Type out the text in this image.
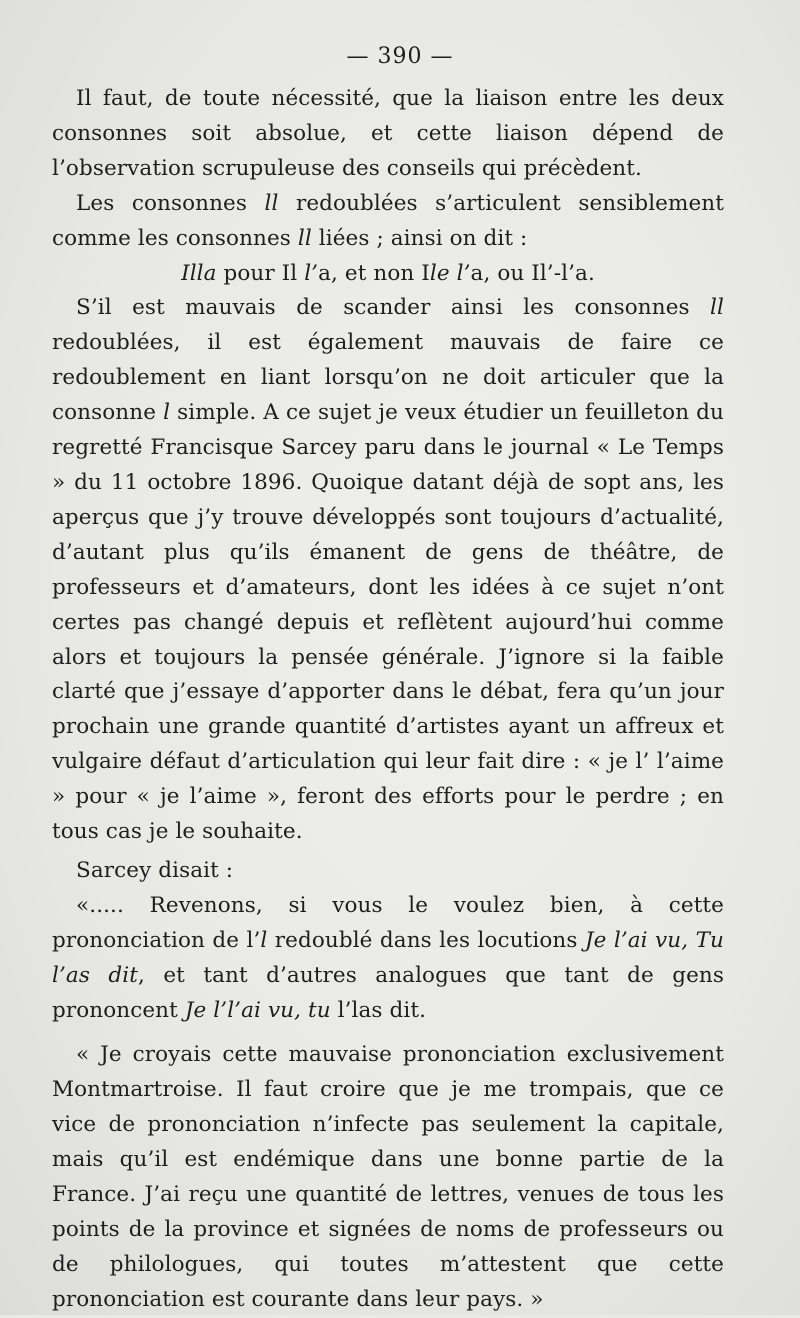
— 390 —

Il faut, de toute nécessité, que la liaison entre les deux consonnes soit absolue, et cette liaison dépend de l’observation scrupuleuse des conseils qui précèdent.

Les consonnes ll redoublées s’articulent sensiblement comme les consonnes ll liées ; ainsi on dit :

Illa pour Il l’a, et non Ile l’a, ou Il’-l’a.

S’il est mauvais de scander ainsi les consonnes ll redoublées, il est également mauvais de faire ce redoublement en liant lorsqu’on ne doit articuler que la consonne l simple. A ce sujet je veux étudier un feuilleton du regretté Francisque Sarcey paru dans le journal « Le Temps » du 11 octobre 1896. Quoique datant déjà de sopt ans, les aperçus que j’y trouve développés sont toujours d’actualité, d’autant plus qu’ils émanent de gens de théâtre, de professeurs et d’amateurs, dont les idées à ce sujet n’ont certes pas changé depuis et reflètent aujourd’hui comme alors et toujours la pensée générale. J’ignore si la faible clarté que j’essaye d’apporter dans le débat, fera qu’un jour prochain une grande quantité d’artistes ayant un affreux et vulgaire défaut d’articulation qui leur fait dire : « je l’ l’aime » pour « je l’aime », feront des efforts pour le perdre ; en tous cas je le souhaite.

Sarcey disait :

«..... Revenons, si vous le voulez bien, à cette prononciation de l’l redoublé dans les locutions Je l’ai vu, Tu l’as dit, et tant d’autres analogues que tant de gens prononcent Je l’l’ai vu, tu l’las dit.

« Je croyais cette mauvaise prononciation exclusivement Montmartroise. Il faut croire que je me trompais, que ce vice de prononciation n’infecte pas seulement la capitale, mais qu’il est endémique dans une bonne partie de la France. J’ai reçu une quantité de lettres, venues de tous les points de la province et signées de noms de professeurs ou de philologues, qui toutes m’attestent que cette prononciation est courante dans leur pays. »
